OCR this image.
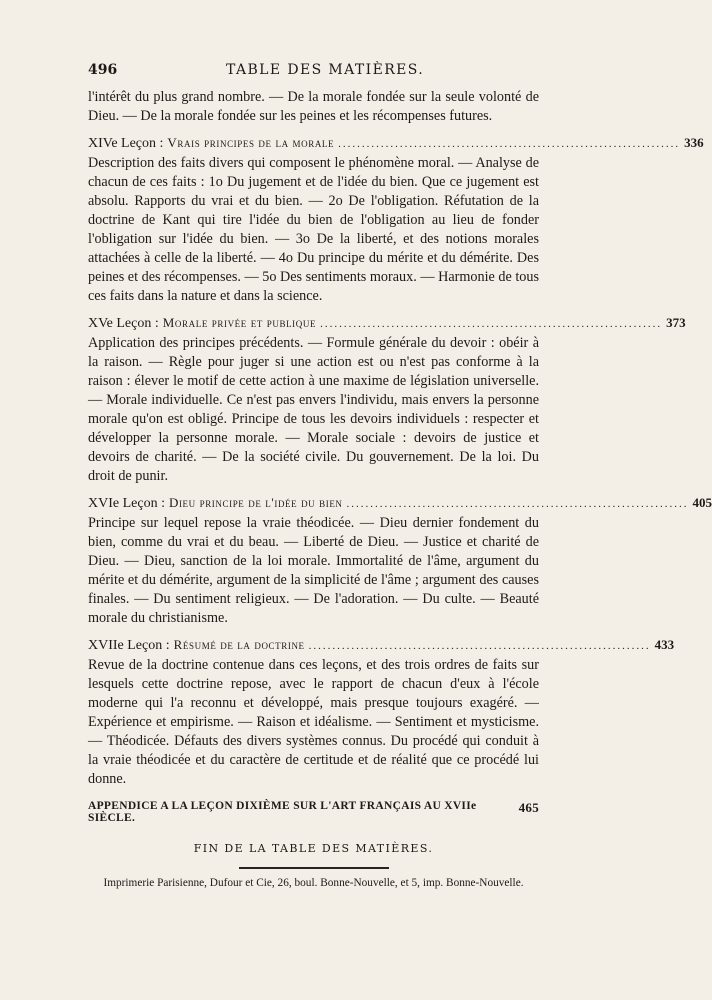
496	TABLE DES MATIÈRES.

l'intérêt du plus grand nombre. — De la morale fondée sur la seule volonté de Dieu. — De la morale fondée sur les peines et les récompenses futures.

XIVe Leçon : Vrais principes de la morale ........................................................................ 336

Description des faits divers qui composent le phénomène moral. — Analyse de chacun de ces faits : 1o Du jugement et de l'idée du bien. Que ce jugement est absolu. Rapports du vrai et du bien. — 2o De l'obligation. Réfutation de la doctrine de Kant qui tire l'idée du bien de l'obligation au lieu de fonder l'obligation sur l'idée du bien. — 3o De la liberté, et des notions morales attachées à celle de la liberté. — 4o Du principe du mérite et du démérite. Des peines et des récompenses. — 5o Des sentiments moraux. — Harmonie de tous ces faits dans la nature et dans la science.

XVe Leçon : Morale privée et publique ........................................................................ 373

Application des principes précédents. — Formule générale du devoir : obéir à la raison. — Règle pour juger si une action est ou n'est pas conforme à la raison : élever le motif de cette action à une maxime de législation universelle. — Morale individuelle. Ce n'est pas envers l'individu, mais envers la personne morale qu'on est obligé. Principe de tous les devoirs individuels : respecter et développer la personne morale. — Morale sociale : devoirs de justice et devoirs de charité. — De la société civile. Du gouvernement. De la loi. Du droit de punir.

XVIe Leçon : Dieu principe de l'idée du bien ........................................................................ 405

Principe sur lequel repose la vraie théodicée. — Dieu dernier fondement du bien, comme du vrai et du beau. — Liberté de Dieu. — Justice et charité de Dieu. — Dieu, sanction de la loi morale. Immortalité de l'âme, argument du mérite et du démérite, argument de la simplicité de l'âme ; argument des causes finales. — Du sentiment religieux. — De l'adoration. — Du culte. — Beauté morale du christianisme.

XVIIe Leçon : Résumé de la doctrine ........................................................................ 433

Revue de la doctrine contenue dans ces leçons, et des trois ordres de faits sur lesquels cette doctrine repose, avec le rapport de chacun d'eux à l'école moderne qui l'a reconnu et développé, mais presque toujours exagéré. — Expérience et empirisme. — Raison et idéalisme. — Sentiment et mysticisme. — Théodicée. Défauts des divers systèmes connus. Du procédé qui conduit à la vraie théodicée et du caractère de certitude et de réalité que ce procédé lui donne.

APPENDICE A LA LEÇON DIXIÈME SUR L'ART FRANÇAIS AU XVIIe SIÈCLE.
465
FIN DE LA TABLE DES MATIÈRES.
Imprimerie Parisienne, Dufour et Cie, 26, boul. Bonne-Nouvelle, et 5, imp. Bonne-Nouvelle.
